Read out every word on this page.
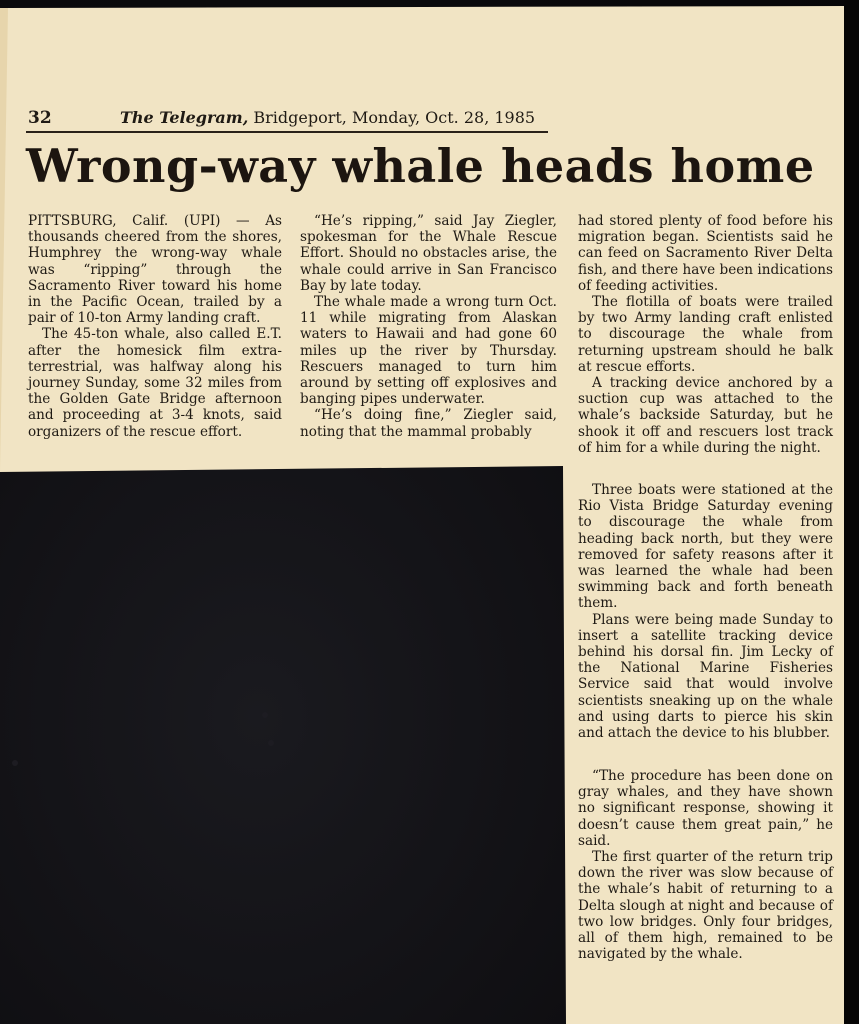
32	The Telegram, Bridgeport, Monday, Oct. 28, 1985
Wrong-way whale heads home

PITTSBURG, Calif. (UPI) — As thousands cheered from the shores, Humphrey the wrong-way whale was “ripping” through the Sacramento River toward his home in the Pacific Ocean, trailed by a pair of 10-ton Army landing craft.

The 45-ton whale, also called E.T. after the homesick film extra-terrestrial, was halfway along his journey Sunday, some 32 miles from the Golden Gate Bridge afternoon and proceeding at 3-4 knots, said organizers of the rescue effort.

“He’s ripping,” said Jay Ziegler, spokesman for the Whale Rescue Effort. Should no obstacles arise, the whale could arrive in San Francisco Bay by late today.

The whale made a wrong turn Oct. 11 while migrating from Alaskan waters to Hawaii and had gone 60 miles up the river by Thursday. Rescuers managed to turn him around by setting off explosives and banging pipes underwater.

“He’s doing fine,” Ziegler said, noting that the mammal probably

had stored plenty of food before his migration began. Scientists said he can feed on Sacramento River Delta fish, and there have been indications of feeding activities.

The flotilla of boats were trailed by two Army landing craft enlisted to discourage the whale from returning upstream should he balk at rescue efforts.

A tracking device anchored by a suction cup was attached to the whale’s backside Saturday, but he shook it off and rescuers lost track of him for a while during the night.

Three boats were stationed at the Rio Vista Bridge Saturday evening to discourage the whale from heading back north, but they were removed for safety reasons after it was learned the whale had been swimming back and forth beneath them.

Plans were being made Sunday to insert a satellite tracking device behind his dorsal fin. Jim Lecky of the National Marine Fisheries Service said that would involve scientists sneaking up on the whale and using darts to pierce his skin and attach the device to his blubber.

“The procedure has been done on gray whales, and they have shown no significant response, showing it doesn’t cause them great pain,” he said.

The first quarter of the return trip down the river was slow because of the whale’s habit of returning to a Delta slough at night and because of two low bridges. Only four bridges, all of them high, remained to be navigated by the whale.
